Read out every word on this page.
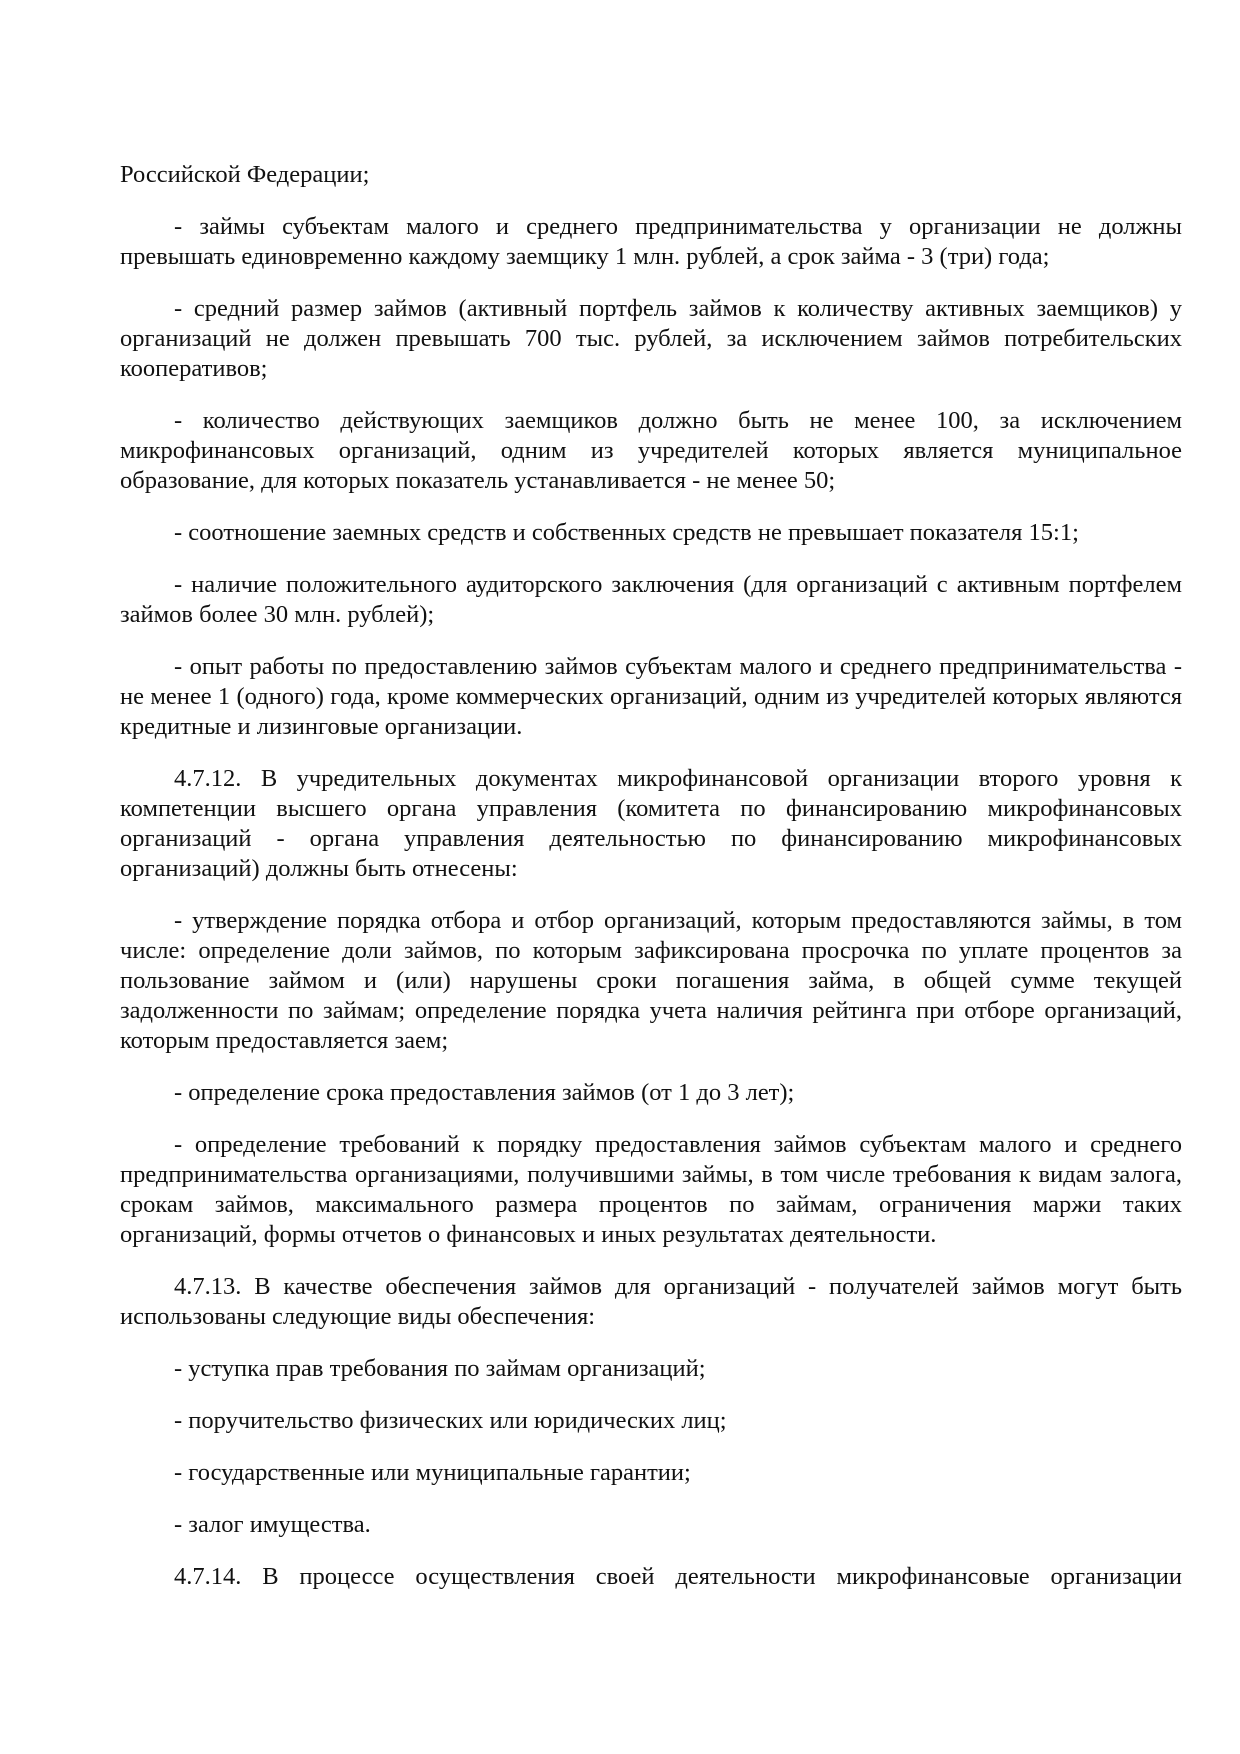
Российской Федерации;

- займы субъектам малого и среднего предпринимательства у организации не должны превышать единовременно каждому заемщику 1 млн. рублей, а срок займа - 3 (три) года;

- средний размер займов (активный портфель займов к количеству активных заемщиков) у организаций не должен превышать 700 тыс. рублей, за исключением займов потребительских кооперативов;

- количество действующих заемщиков должно быть не менее 100, за исключением микрофинансовых организаций, одним из учредителей которых является муниципальное образование, для которых показатель устанавливается - не менее 50;

- соотношение заемных средств и собственных средств не превышает показателя 15:1;

- наличие положительного аудиторского заключения (для организаций с активным портфелем займов более 30 млн. рублей);

- опыт работы по предоставлению займов субъектам малого и среднего предпринимательства - не менее 1 (одного) года, кроме коммерческих организаций, одним из учредителей которых являются кредитные и лизинговые организации.

4.7.12. В учредительных документах микрофинансовой организации второго уровня к компетенции высшего органа управления (комитета по финансированию микрофинансовых организаций - органа управления деятельностью по финансированию микрофинансовых организаций) должны быть отнесены:

- утверждение порядка отбора и отбор организаций, которым предоставляются займы, в том числе: определение доли займов, по которым зафиксирована просрочка по уплате процентов за пользование займом и (или) нарушены сроки погашения займа, в общей сумме текущей задолженности по займам; определение порядка учета наличия рейтинга при отборе организаций, которым предоставляется заем;

- определение срока предоставления займов (от 1 до 3 лет);

- определение требований к порядку предоставления займов субъектам малого и среднего предпринимательства организациями, получившими займы, в том числе требования к видам залога, срокам займов, максимального размера процентов по займам, ограничения маржи таких организаций, формы отчетов о финансовых и иных результатах деятельности.

4.7.13. В качестве обеспечения займов для организаций - получателей займов могут быть использованы следующие виды обеспечения:

- уступка прав требования по займам организаций;

- поручительство физических или юридических лиц;

- государственные или муниципальные гарантии;

- залог имущества.

4.7.14. В процессе осуществления своей деятельности микрофинансовые организации
